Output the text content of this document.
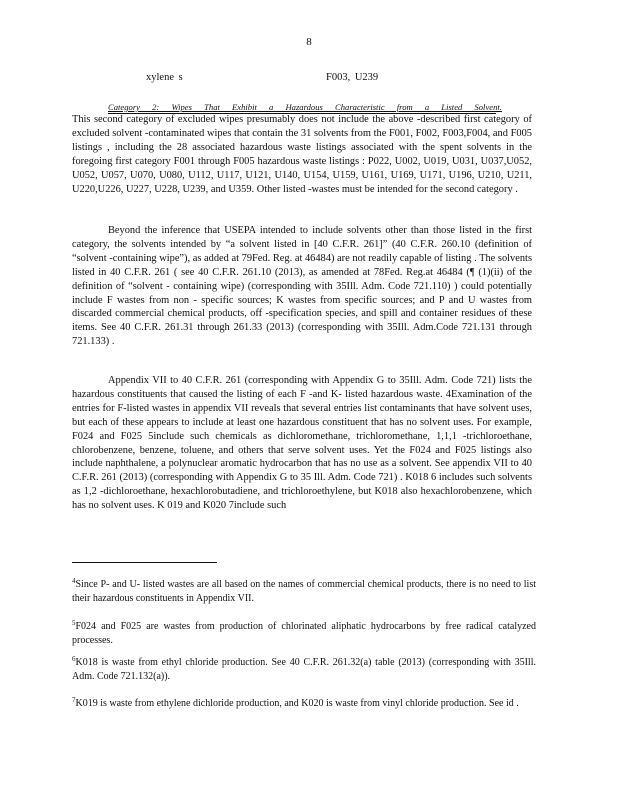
8
xylene s	F003, U239
Category 2: Wipes That Exhibit a Hazardous Characteristic from a Listed Solvent.
This second category of excluded wipes presumably does not include the above -described first category of excluded solvent -contaminated wipes that contain the 31 solvents from the F001, F002, F003,F004, and F005 listings , including the 28 associated hazardous waste listings associated with the spent solvents in the foregoing first category F001 through F005 hazardous waste listings : P022, U002, U019, U031, U037,U052, U052, U057, U070, U080, U112, U117, U121, U140, U154, U159, U161, U169, U171, U196, U210, U211, U220,U226, U227, U228, U239, and U359. Other listed -wastes must be intended for the second category .
Beyond the inference that USEPA intended to include solvents other than those listed in the first category, the solvents intended by “a solvent listed in [40 C.F.R. 261]” (40 C.F.R. 260.10 (definition of “solvent -containing wipe”), as added at 79Fed. Reg. at 46484) are not readily capable of listing . The solvents listed in 40 C.F.R. 261 ( see 40 C.F.R. 261.10 (2013), as amended at 78Fed. Reg.at 46484 (¶ (1)(ii) of the definition of “solvent - containing wipe) (corresponding with 35Ill. Adm. Code 721.110) ) could potentially include F wastes from non - specific sources; K wastes from specific sources; and P and U wastes from discarded commercial chemical products, off -specification species, and spill and container residues of these items. See 40 C.F.R. 261.31 through 261.33 (2013) (corresponding with 35Ill. Adm.Code 721.131 through 721.133) .
Appendix VII to 40 C.F.R. 261 (corresponding with Appendix G to 35Ill. Adm. Code 721) lists the hazardous constituents that caused the listing of each F -and K- listed hazardous waste. 4Examination of the entries for F-listed wastes in appendix VII reveals that several entries list contaminants that have solvent uses, but each of these appears to include at least one hazardous constituent that has no solvent uses. For example, F024 and F025 5include such chemicals as dichloromethane, trichloromethane, 1,1,1 -trichloroethane, chlorobenzene, benzene, toluene, and others that serve solvent uses. Yet the F024 and F025 listings also include naphthalene, a polynuclear aromatic hydrocarbon that has no use as a solvent. See appendix VII to 40 C.F.R. 261 (2013) (corresponding with Appendix G to 35 Ill. Adm. Code 721) . K018 6 includes such solvents as 1,2 -dichloroethane, hexachlorobutadiene, and trichloroethylene, but K018 also hexachlorobenzene, which has no solvent uses. K 019 and K020 7include such
$^4$Since P- and U- listed wastes are all based on the names of commercial chemical products, there is no need to list their hazardous constituents in Appendix VII.
$^5$F024 and F025 are wastes from production of chlorinated aliphatic hydrocarbons by free radical catalyzed processes.
$^6$K018 is waste from ethyl chloride production. See 40 C.F.R. 261.32(a) table (2013) (corresponding with 35Ill. Adm. Code 721.132(a)).
$^7$K019 is waste from ethylene dichloride production, and K020 is waste from vinyl chloride production. See id .
